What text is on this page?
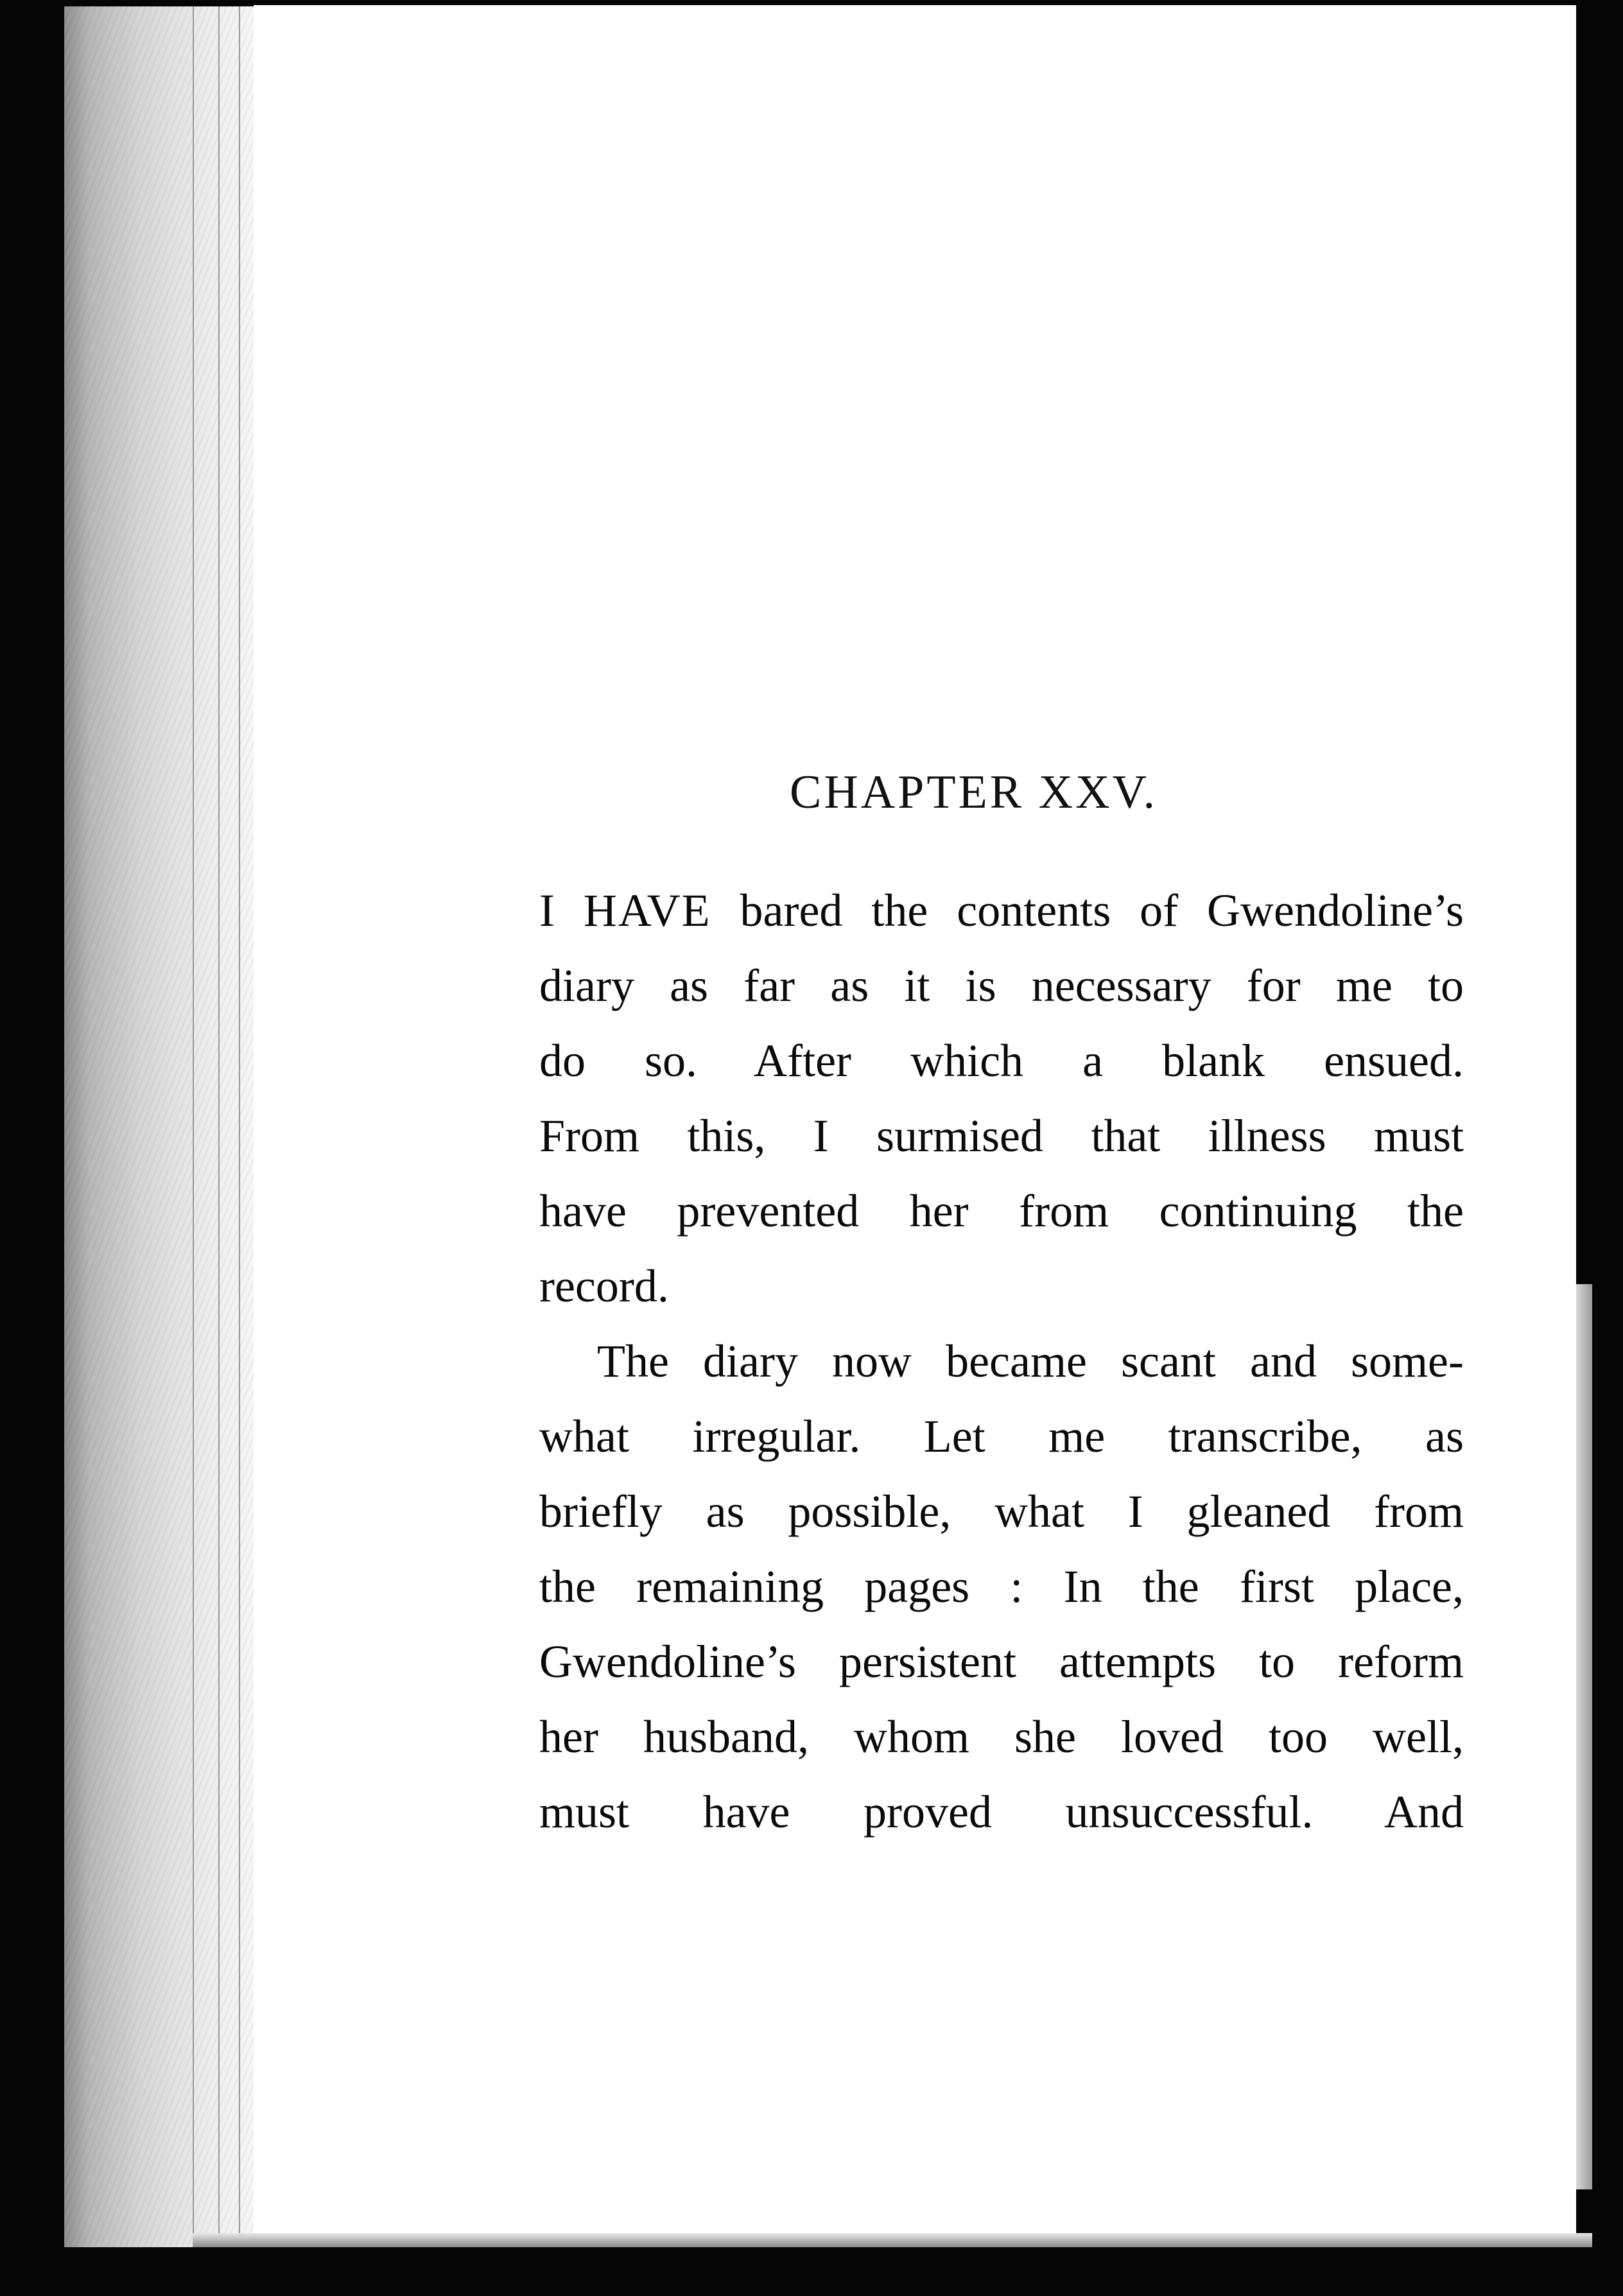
CHAPTER XXV.
I HAVE bared the contents of Gwendoline’s
diary as far as it is necessary for me to
do so. After which a blank ensued.
From this, I surmised that illness must
have prevented her from continuing the
record.
The diary now became scant and some-
what irregular. Let me transcribe, as
briefly as possible, what I gleaned from
the remaining pages : In the first place,
Gwendoline’s persistent attempts to reform
her husband, whom she loved too well,
must have proved unsuccessful. And
